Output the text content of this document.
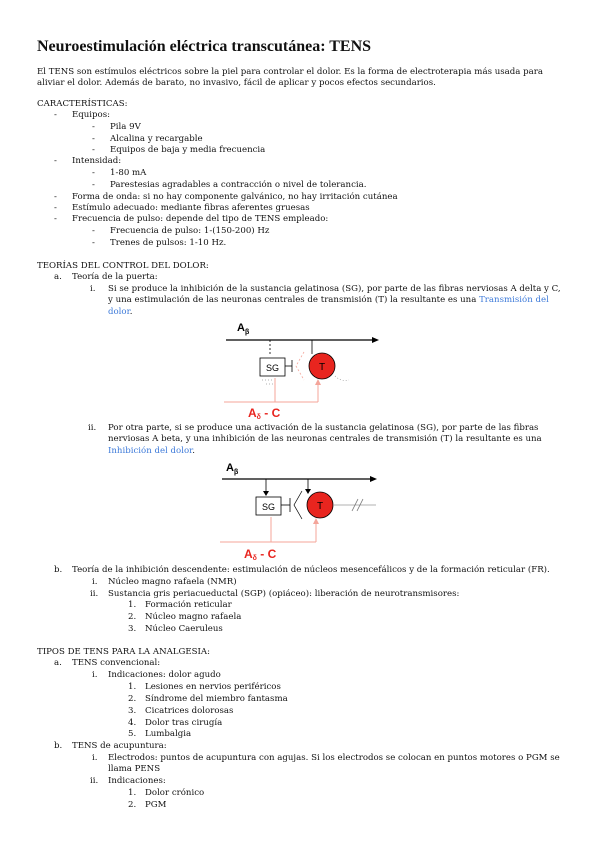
Neuroestimulación eléctrica transcutánea: TENS
El TENS son estímulos eléctricos sobre la piel para controlar el dolor. Es la forma de electroterapia más usada para aliviar el dolor. Además de barato, no invasivo, fácil de aplicar y pocos efectos secundarios.
CARACTERÍSTICAS:
- Equipos:
- Pila 9V
- Alcalina y recargable
- Equipos de baja y media frecuencia
- Intensidad:
- 1-80 mA
- Parestesias agradables a contracción o nivel de tolerancia.
- Forma de onda: si no hay componente galvánico, no hay irritación cutánea
- Estímulo adecuado: mediante fibras aferentes gruesas
- Frecuencia de pulso: depende del tipo de TENS empleado:
- Frecuencia de pulso: 1-(150-200) Hz
- Trenes de pulsos: 1-10 Hz.
TEORÍAS DEL CONTROL DEL DOLOR:
a. Teoría de la puerta:
i. Si se produce la inhibición de la sustancia gelatinosa (SG), por parte de las fibras nerviosas A delta y C, y una estimulación de las neuronas centrales de transmisión (T) la resultante es una Transmisión del dolor.
$A_\beta$
SG	T
Aδ - C
ii. Por otra parte, si se produce una activación de la sustancia gelatinosa (SG), por parte de las fibras nerviosas A beta, y una inhibición de las neuronas centrales de transmisión (T) la resultante es una Inhibición del dolor.
$A_\beta$
SG	T
Aδ - C
b. Teoría de la inhibición descendente: estimulación de núcleos mesencefálicos y de la formación reticular (FR).
i. Núcleo magno rafaela (NMR)
ii. Sustancia gris periacueductal (SGP) (opiáceo): liberación de neurotransmisores:
1. Formación reticular
2. Núcleo magno rafaela
3. Núcleo Caeruleus
TIPOS DE TENS PARA LA ANALGESIA:
a. TENS convencional:
i. Indicaciones: dolor agudo
1. Lesiones en nervios periféricos
2. Síndrome del miembro fantasma
3. Cicatrices dolorosas
4. Dolor tras cirugía
5. Lumbalgia
b. TENS de acupuntura:
i. Electrodos: puntos de acupuntura con agujas. Si los electrodos se colocan en puntos motores o PGM se llama PENS
ii. Indicaciones:
1. Dolor crónico
2. PGM
